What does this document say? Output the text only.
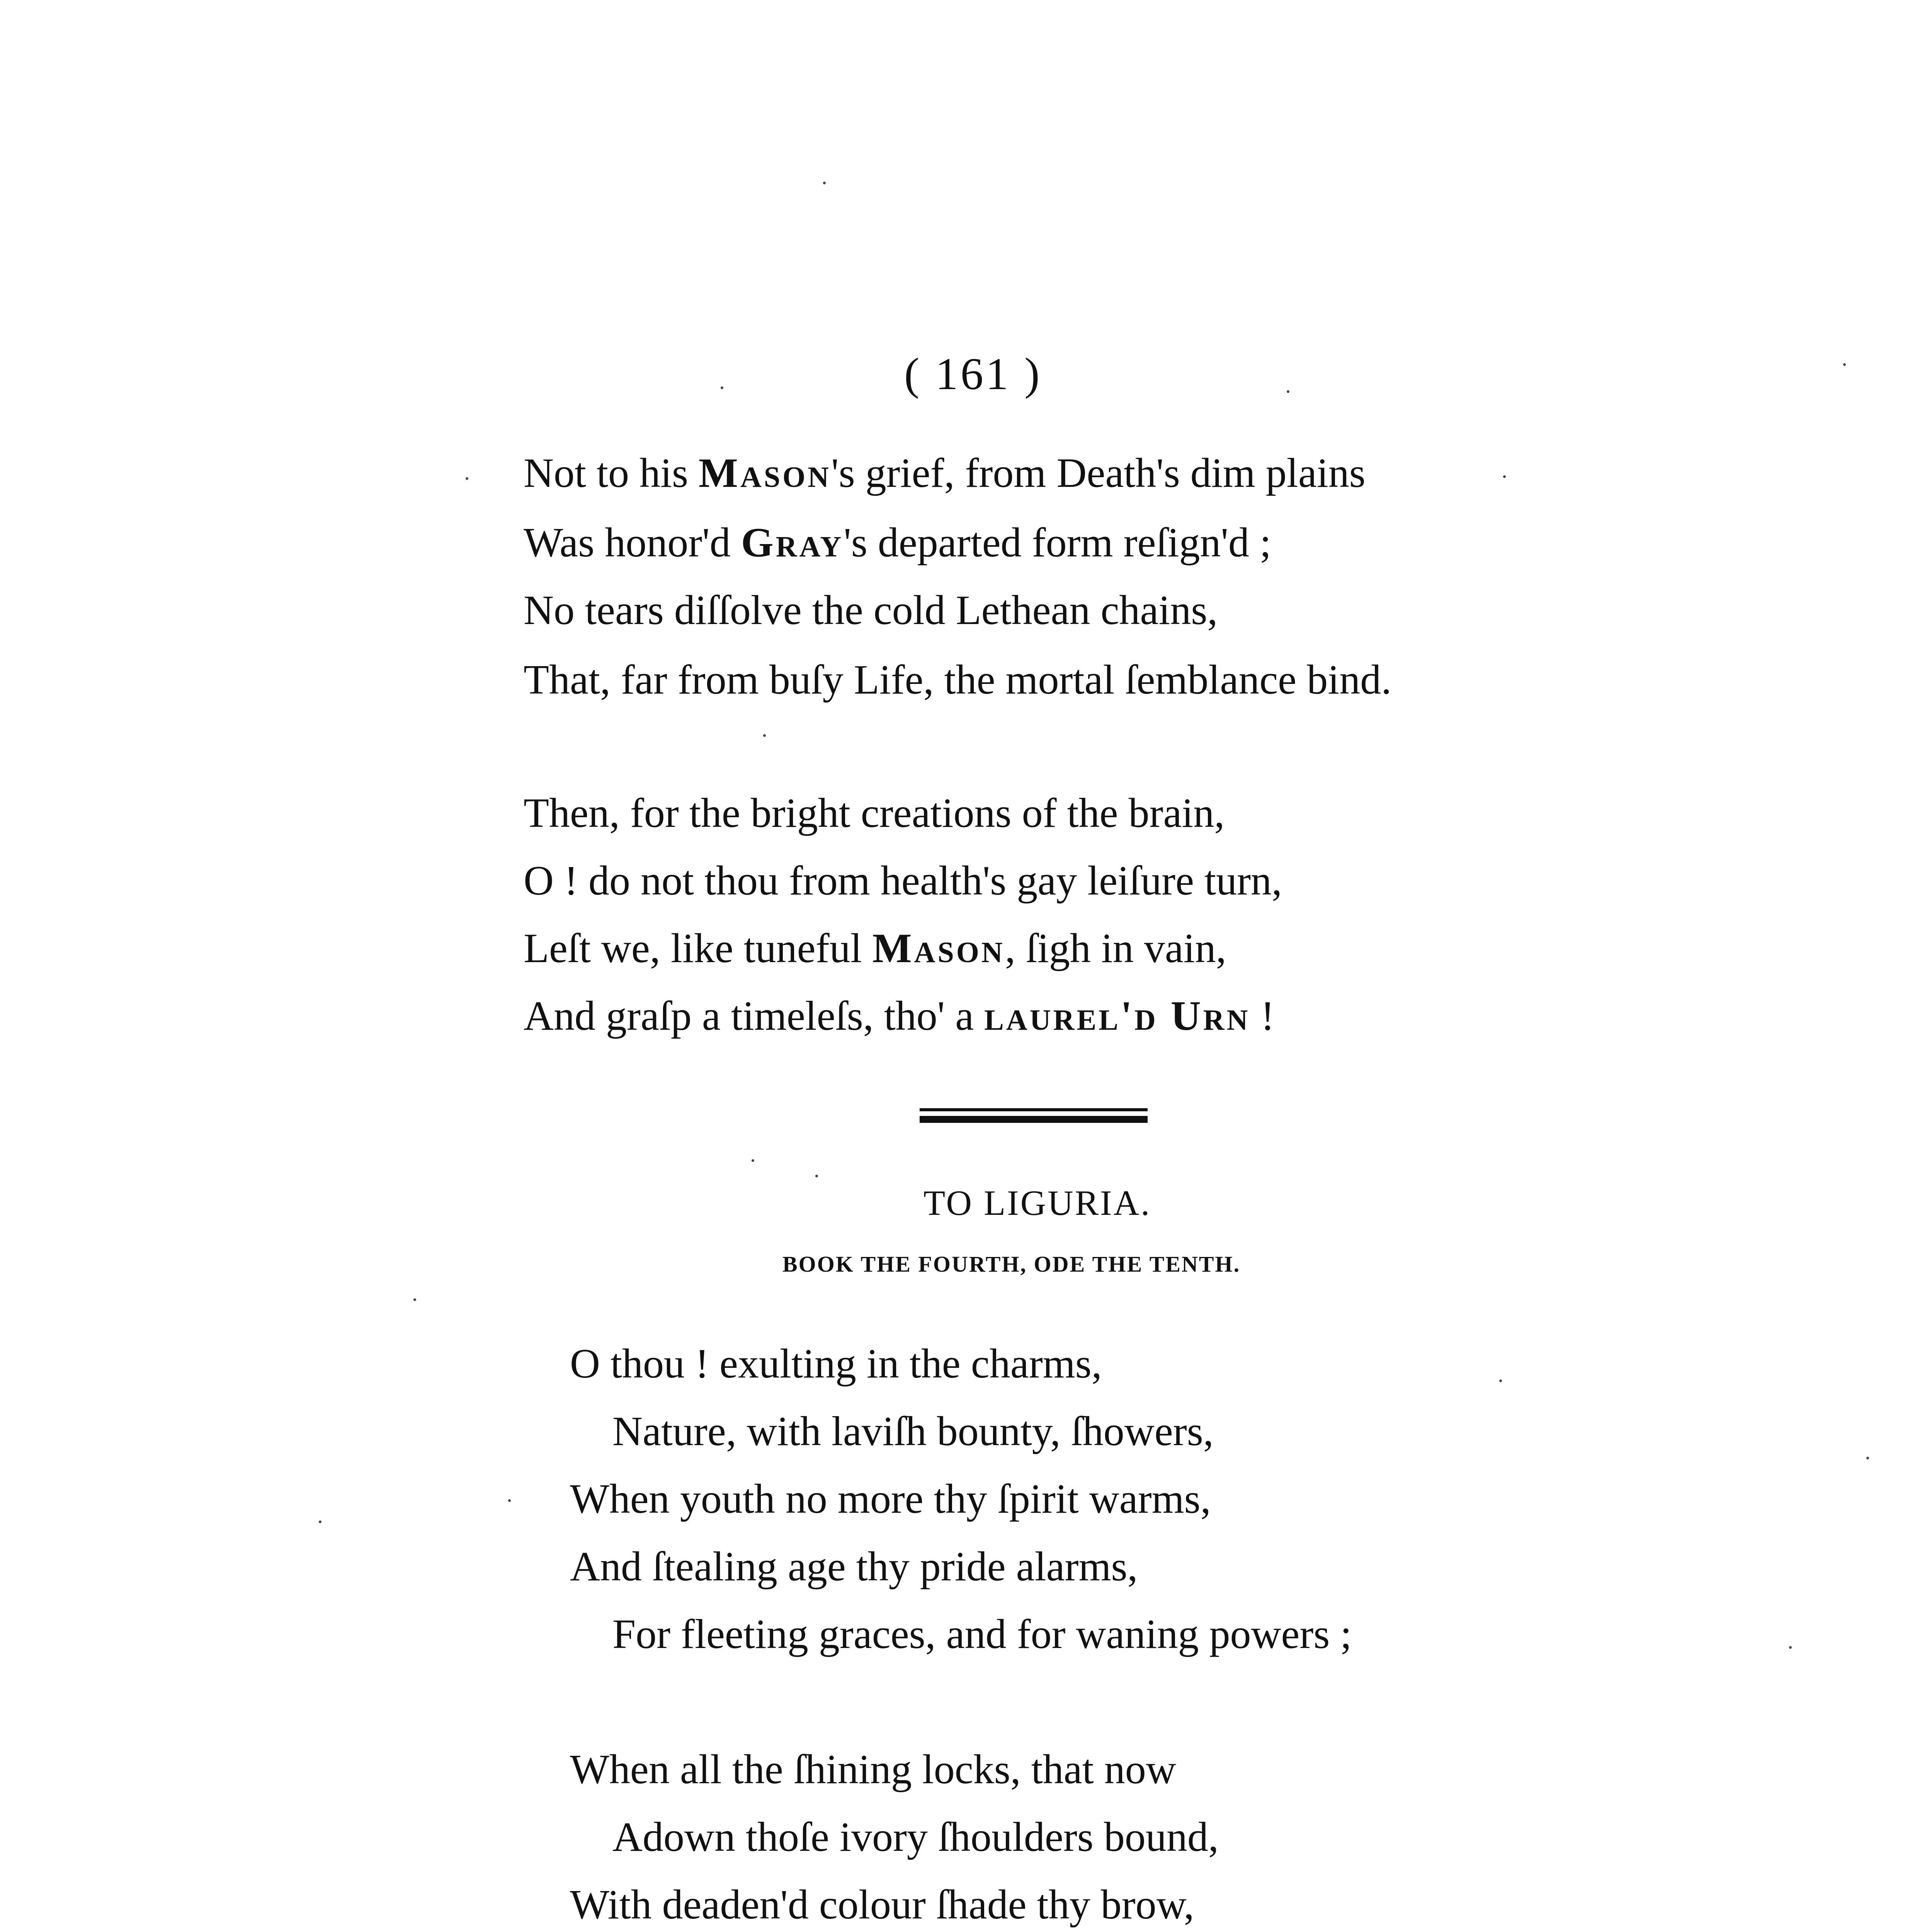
( 161 )
Not to his Mason's grief, from Death's dim plains
Was honor'd Gray's departed form reſign'd ;
No tears diſſolve the cold Lethean chains,
That, far from buſy Life, the mortal ſemblance bind.
Then, for the bright creations of the brain,
O ! do not thou from health's gay leiſure turn,
Leſt we, like tuneful Mason, ſigh in vain,
And graſp a timeleſs, tho' a laurel'd Urn !
TO LIGURIA.
BOOK THE FOURTH, ODE THE TENTH.
O thou ! exulting in the charms,
Nature, with laviſh bounty, ſhowers,
When youth no more thy ſpirit warms,
And ſtealing age thy pride alarms,
For fleeting graces, and for waning powers ;
When all the ſhining locks, that now
Adown thoſe ivory ſhoulders bound,
With deaden'd colour ſhade thy brow,
